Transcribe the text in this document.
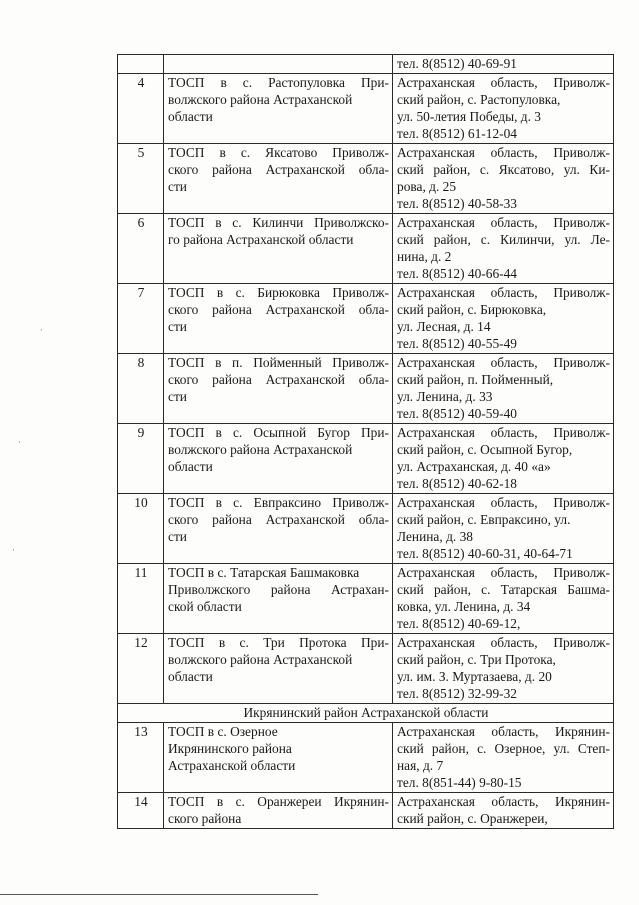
·
·
·

		тел. 8(8512) 40-69-91

4	ТОСП в с. Растопуловка При-
волжского района Астраханской
области	Астраханская область, Приволж-
ский район, с. Растопуловка,
ул. 50-летия Победы, д. 3
тел. 8(8512) 61-12-04

5	ТОСП в с. Яксатово Приволж-
ского района Астраханской обла-
сти	Астраханская область, Приволж-
ский район, с. Яксатово, ул. Ки-
рова, д. 25
тел. 8(8512) 40-58-33

6	ТОСП в с. Килинчи Приволжско-
го района Астраханской области	Астраханская область, Приволж-
ский район, с. Килинчи, ул. Ле-
нина, д. 2
тел. 8(8512) 40-66-44

7	ТОСП в с. Бирюковка Приволж-
ского района Астраханской обла-
сти	Астраханская область, Приволж-
ский район, с. Бирюковка,
ул. Лесная, д. 14
тел. 8(8512) 40-55-49

8	ТОСП в п. Пойменный Приволж-
ского района Астраханской обла-
сти	Астраханская область, Приволж-
ский район, п. Пойменный,
ул. Ленина, д. 33
тел. 8(8512) 40-59-40

9	ТОСП в с. Осыпной Бугор При-
волжского района Астраханской
области	Астраханская область, Приволж-
ский район, с. Осыпной Бугор,
ул. Астраханская, д. 40 «а»
тел. 8(8512) 40-62-18

10	ТОСП в с. Евпраксино Приволж-
ского района Астраханской обла-
сти	Астраханская область, Приволж-
ский район, с. Евпраксино, ул.
Ленина, д. 38
тел. 8(8512) 40-60-31, 40-64-71

11	ТОСП в с. Татарская Башмаковка
Приволжского района Астрахан-
ской области	Астраханская область, Приволж-
ский район, с. Татарская Башма-
ковка, ул. Ленина, д. 34
тел. 8(8512) 40-69-12,

12	ТОСП в с. Три Протока При-
волжского района Астраханской
области	Астраханская область, Приволж-
ский район, с. Три Протока,
ул. им. З. Муртазаева, д. 20
тел. 8(8512) 32-99-32

Икрянинский район Астраханской области		
13	ТОСП в с. Озерное
Икрянинского района
Астраханской области	Астраханская область, Икрянин-
ский район, с. Озерное, ул. Степ-
ная, д. 7
тел. 8(851-44) 9-80-15

14	ТОСП в с. Оранжереи Икрянин-
ского района	Астраханская область, Икрянин-
ский район, с. Оранжереи,
